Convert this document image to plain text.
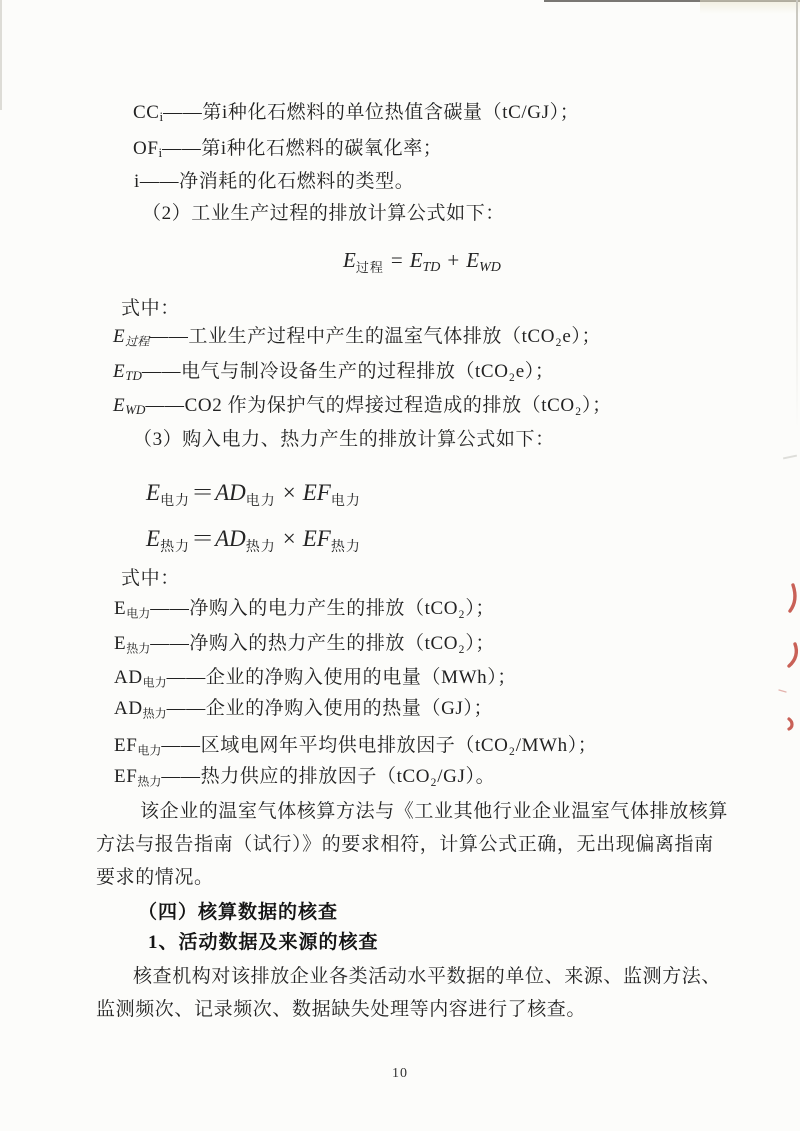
CCi——第i种化石燃料的单位热值含碳量（tC/GJ）；
OFi——第i种化石燃料的碳氧化率；
i——净消耗的化石燃料的类型。
（2）工业生产过程的排放计算公式如下：
$E_{过程}$ = ETD + EWD
式中：
E过程——工业生产过程中产生的温室气体排放（tCO₂e）；
ETD——电气与制冷设备生产的过程排放（tCO₂e）；
EWD——CO2 作为保护气的焊接过程造成的排放（tCO₂）；
（3）购入电力、热力产生的排放计算公式如下：
$E_{电力}=AD_{电力} \times EF_{电力}$
$E_{热力}=AD_{热力} \times EF_{热力}$
式中：
E电力——净购入的电力产生的排放（tCO₂）；
E热力——净购入的热力产生的排放（tCO₂）；
AD电力——企业的净购入使用的电量（MWh）；
AD热力——企业的净购入使用的热量（GJ）；
EF电力——区域电网年平均供电排放因子（tCO₂/MWh）；
EF热力——热力供应的排放因子（tCO₂/GJ）。
该企业的温室气体核算方法与《工业其他行业企业温室气体排放核算
方法与报告指南（试行）》的要求相符，计算公式正确，无出现偏离指南
要求的情况。
（四）核算数据的核查
1、活动数据及来源的核查
核查机构对该排放企业各类活动水平数据的单位、来源、监测方法、
监测频次、记录频次、数据缺失处理等内容进行了核查。
10
